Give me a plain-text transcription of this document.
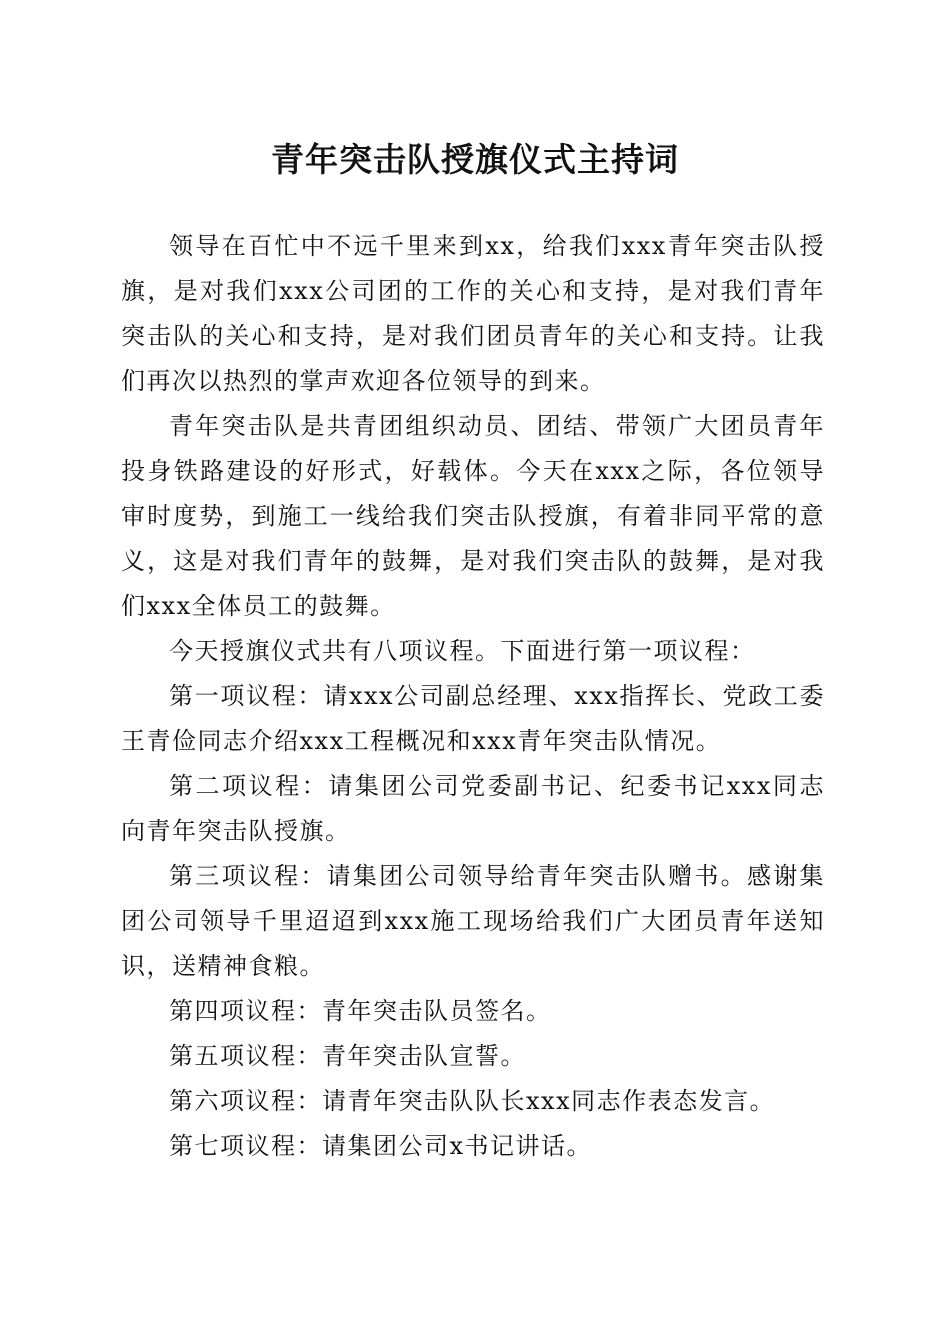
青年突击队授旗仪式主持词

领导在百忙中不远千里来到xx，给我们xxx青年突击队授旗，是对我们xxx公司团的工作的关心和支持，是对我们青年突击队的关心和支持，是对我们团员青年的关心和支持。让我们再次以热烈的掌声欢迎各位领导的到来。

青年突击队是共青团组织动员、团结、带领广大团员青年投身铁路建设的好形式，好载体。今天在xxx之际，各位领导审时度势，到施工一线给我们突击队授旗，有着非同平常的意义，这是对我们青年的鼓舞，是对我们突击队的鼓舞，是对我们xxx全体员工的鼓舞。

今天授旗仪式共有八项议程。下面进行第一项议程：

第一项议程：请xxx公司副总经理、xxx指挥长、党政工委王青俭同志介绍xxx工程概况和xxx青年突击队情况。

第二项议程：请集团公司党委副书记、纪委书记xxx同志向青年突击队授旗。

第三项议程：请集团公司领导给青年突击队赠书。感谢集团公司领导千里迢迢到xxx施工现场给我们广大团员青年送知识，送精神食粮。

第四项议程：青年突击队员签名。

第五项议程：青年突击队宣誓。

第六项议程：请青年突击队队长xxx同志作表态发言。

第七项议程：请集团公司x书记讲话。
